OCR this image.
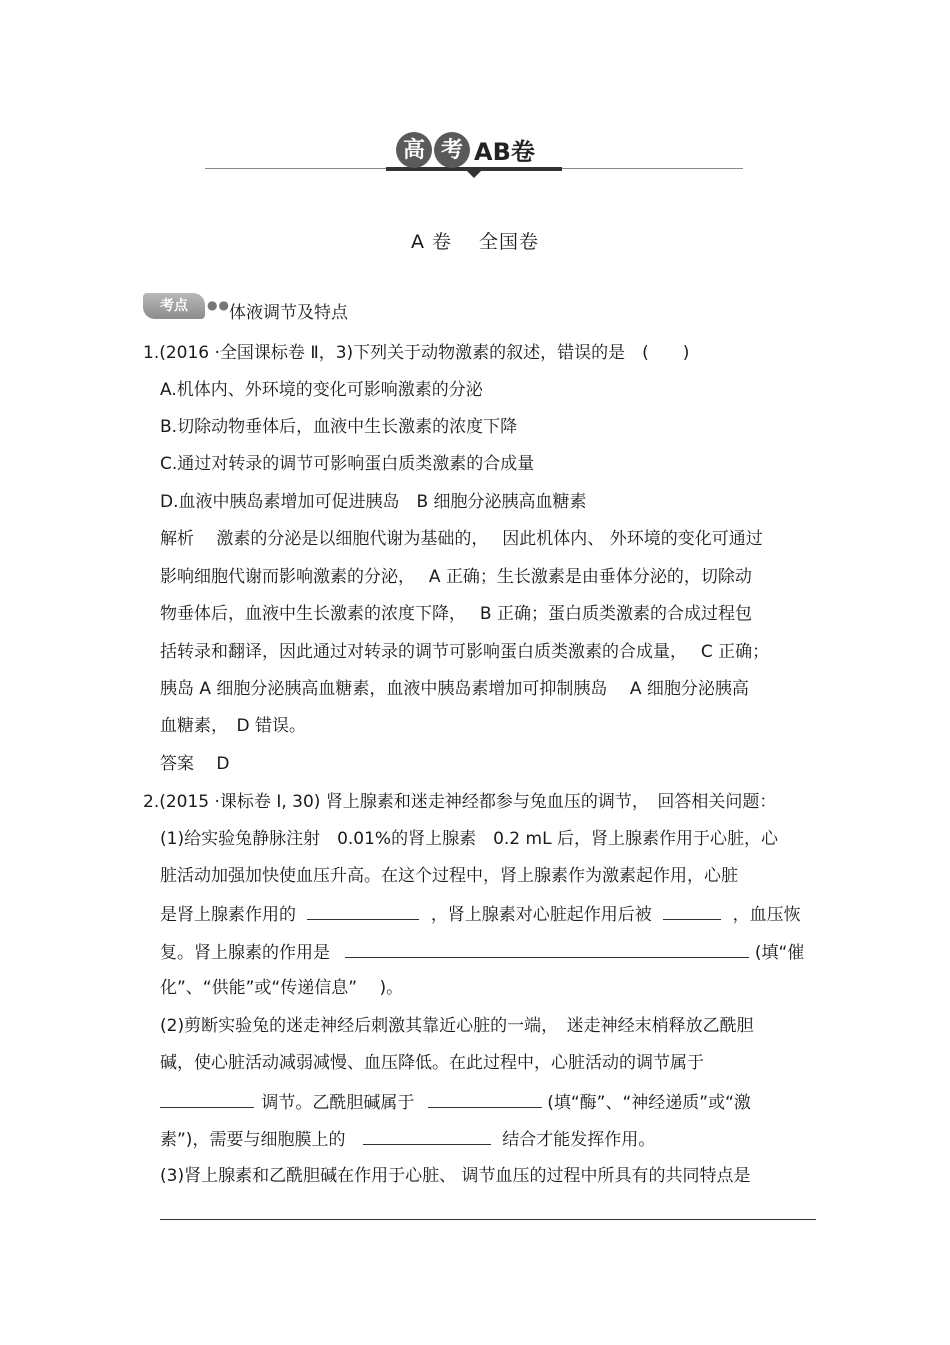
高 考 AB卷
A 卷　 全国卷
考点	●● 体液调节及特点
1.(2016 ·全国课标卷 Ⅱ，3)下列关于动物激素的叙述，错误的是　(　　)
A.机体内、外环境的变化可影响激素的分泌
B.切除动物垂体后，血液中生长激素的浓度下降
C.通过对转录的调节可影响蛋白质类激素的合成量
D.血液中胰岛素增加可促进胰岛　B 细胞分泌胰高血糖素
解析　 激素的分泌是以细胞代谢为基础的，　 因此机体内、 外环境的变化可通过
影响细胞代谢而影响激素的分泌，　 A 正确；生长激素是由垂体分泌的，切除动
物垂体后，血液中生长激素的浓度下降，　 B 正确；蛋白质类激素的合成过程包
括转录和翻译，因此通过对转录的调节可影响蛋白质类激素的合成量，　 C 正确；
胰岛 A 细胞分泌胰高血糖素，血液中胰岛素增加可抑制胰岛　 A 细胞分泌胰高
血糖素，　D 错误。
答案　 D
2.(2015 ·课标卷 Ⅰ, 30) 肾上腺素和迷走神经都参与兔血压的调节，　回答相关问题：
(1)给实验兔静脉注射　0.01%的肾上腺素　0.2 mL 后，肾上腺素作用于心脏，心
脏活动加强加快使血压升高。在这个过程中，肾上腺素作为激素起作用，心脏
是肾上腺素作用的	，肾上腺素对心脏起作用后被	，血压恢
复。肾上腺素的作用是	(填“催
化”、“供能”或“传递信息”　 )。
(2)剪断实验兔的迷走神经后刺激其靠近心脏的一端，　迷走神经末梢释放乙酰胆
碱，使心脏活动减弱减慢、血压降低。在此过程中，心脏活动的调节属于
调节。乙酰胆碱属于	(填“酶”、“神经递质”或“激
素”)，需要与细胞膜上的	结合才能发挥作用。
(3)肾上腺素和乙酰胆碱在作用于心脏、 调节血压的过程中所具有的共同特点是
